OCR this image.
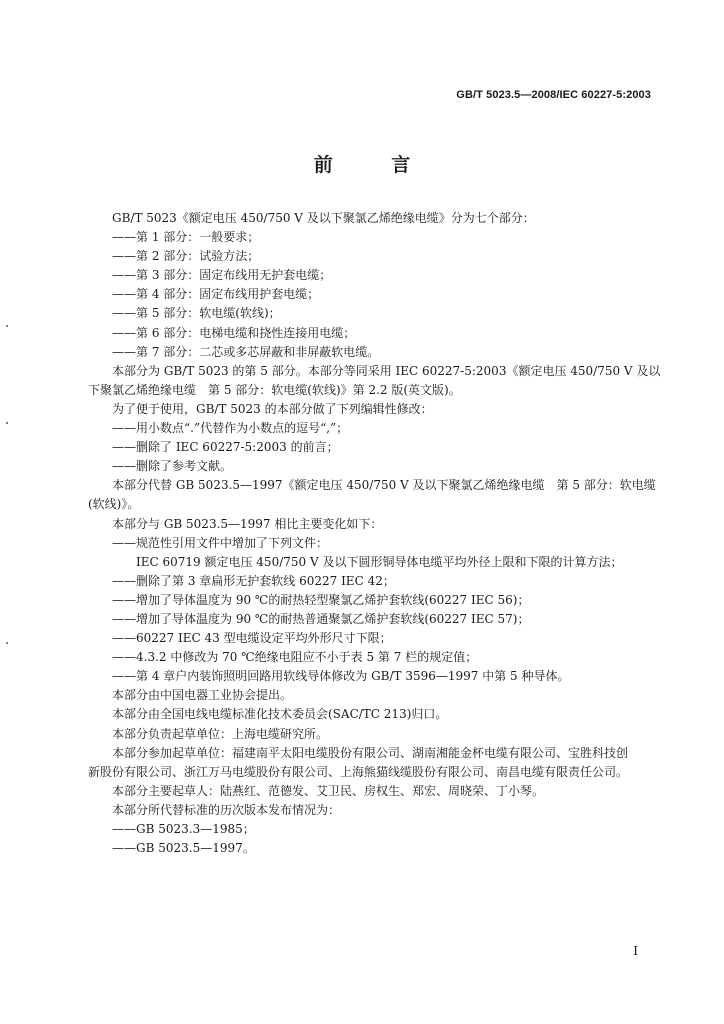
GB/T 5023.5—2008/IEC 60227-5:2003
前 言
GB/T 5023《额定电压 450/750 V 及以下聚氯乙烯绝缘电缆》分为七个部分：
——第 1 部分：一般要求；
——第 2 部分：试验方法；
——第 3 部分：固定布线用无护套电缆；
——第 4 部分：固定布线用护套电缆；
——第 5 部分：软电缆(软线)；
——第 6 部分：电梯电缆和挠性连接用电缆；
——第 7 部分：二芯或多芯屏蔽和非屏蔽软电缆。
本部分为 GB/T 5023 的第 5 部分。本部分等同采用 IEC 60227-5:2003《额定电压 450/750 V 及以
下聚氯乙烯绝缘电缆　第 5 部分：软电缆(软线)》第 2.2 版(英文版)。
为了便于使用，GB/T 5023 的本部分做了下列编辑性修改：
——用小数点“.”代替作为小数点的逗号“,”；
——删除了 IEC 60227-5:2003 的前言；
——删除了参考文献。
本部分代替 GB 5023.5—1997《额定电压 450/750 V 及以下聚氯乙烯绝缘电缆　第 5 部分：软电缆
(软线)》。
本部分与 GB 5023.5—1997 相比主要变化如下：
——规范性引用文件中增加了下列文件：
IEC 60719 额定电压 450/750 V 及以下圆形铜导体电缆平均外径上限和下限的计算方法；
——删除了第 3 章扁形无护套软线 60227 IEC 42；
——增加了导体温度为 90 ℃的耐热轻型聚氯乙烯护套软线(60227 IEC 56)；
——增加了导体温度为 90 ℃的耐热普通聚氯乙烯护套软线(60227 IEC 57)；
——60227 IEC 43 型电缆设定平均外形尺寸下限；
——4.3.2 中修改为 70 ℃绝缘电阻应不小于表 5 第 7 栏的规定值；
——第 4 章户内装饰照明回路用软线导体修改为 GB/T 3596—1997 中第 5 种导体。
本部分由中国电器工业协会提出。
本部分由全国电线电缆标准化技术委员会(SAC/TC 213)归口。
本部分负责起草单位：上海电缆研究所。
本部分参加起草单位：福建南平太阳电缆股份有限公司、湖南湘能金杯电缆有限公司、宝胜科技创
新股份有限公司、浙江万马电缆股份有限公司、上海熊猫线缆股份有限公司、南昌电缆有限责任公司。
本部分主要起草人：陆燕红、范德发、艾卫民、房权生、郑宏、周晓荣、丁小琴。
本部分所代替标准的历次版本发布情况为：
——GB 5023.3—1985；
——GB 5023.5—1997。
I
